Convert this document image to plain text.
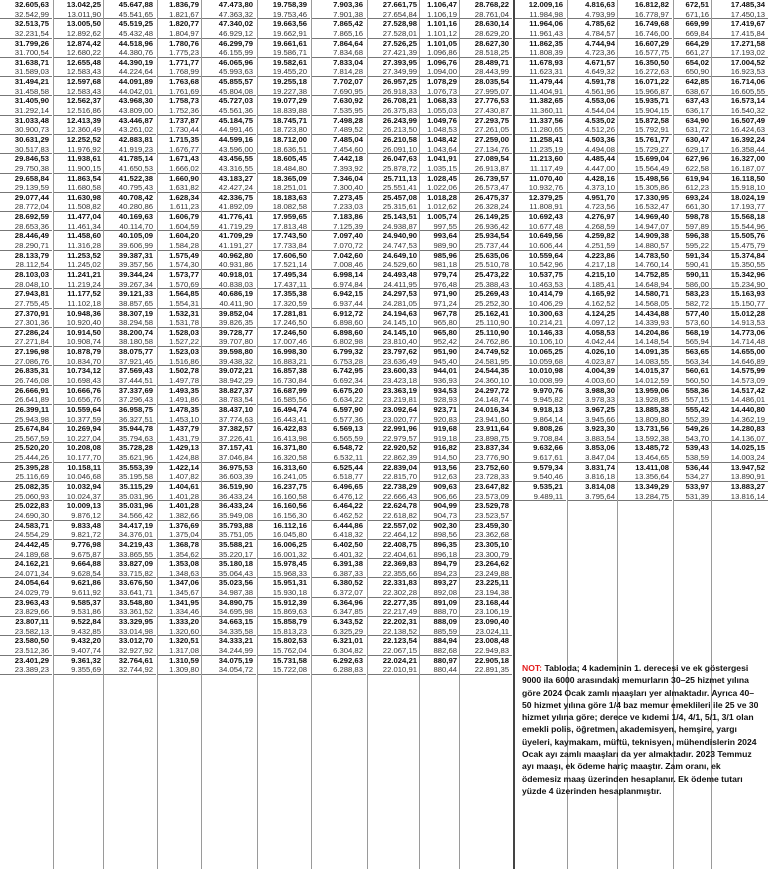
32.605,63
32.542,99
32.513,75
32.231,54
31.799,26
31.700,54
31.638,71
31.589,03
31.494,21
31.458,58
31.405,90
31.292,14
31.033,48
30.900,73
30.631,29
30.517,83
29.846,53
29.750,38
29.658,84
29.139,59
29.077,44
28.772,04
28.692,59
28.653,36
28.446,49
28.290,71
28.133,79
28.112,54
28.103,03
28.048,10
27.943,81
27.755,45
27.370,91
27.301,36
27.286,24
27.271,84
27.196,98
27.086,76
26.835,31
26.746,08
26.666,91
26.641,89
26.399,11
25.943,98
25.674,84
25.567,59
25.520,20
25.444,26
25.395,28
25.116,69
25.082,35
25.060,93
25.022,83
24.690,30
24.583,71
24.554,29
24.442,45
24.189,68
24.162,21
24.071,34
24.054,64
24.029,79
23.963,43
23.829,66
23.807,11
23.582,13
23.580,50
23.512,36
23.401,29
23.389,23
13.042,25
13.011,90
13.005,50
12.892,62
12.874,42
12.680,22
12.655,48
12.583,43
12.597,68
12.583,43
12.562,37
12.516,86
12.413,39
12.360,49
12.252,52
11.976,92
11.938,61
11.900,15
11.863,54
11.680,58
11.630,98
11.508,82
11.477,04
11.461,34
11.458,60
11.316,28
11.253,52
11.245,02
11.241,21
11.219,24
11.177,52
11.102,18
10.948,36
10.920,40
10.914,50
10.908,74
10.878,79
10.834,70
10.734,12
10.698,43
10.666,76
10.656,76
10.559,64
10.377,59
10.269,94
10.227,04
10.208,08
10.177,70
10.158,11
10.046,68
10.032,94
10.024,37
10.009,13
9.876,12
9.833,48
9.821,72
9.776,98
9.675,87
9.664,88
9.628,54
9.621,86
9.611,92
9.585,37
9.531,86
9.522,84
9.432,85
9.432,20
9.407,74
9.361,32
9.355,69
45.647,88
45.541,65
45.519,25
45.432,48
44.518,96
44.380,76
44.390,19
44.224,64
44.091,89
44.042,01
43.968,30
43.809,00
43.446,87
43.261,02
42.883,81
41.919,23
41.785,14
41.650,53
41.522,38
40.795,43
40.708,42
40.280,86
40.169,63
40.114,70
40.105,09
39.606,99
39.387,31
39.357,56
39.344,24
39.267,34
39.121,33
38.857,65
38.307,19
38.294,58
38.200,74
38.180,58
38.075,77
37.921,46
37.569,43
37.444,51
37.337,69
37.296,43
36.958,75
36.327,51
35.944,78
35.794,63
35.728,28
35.621,96
35.553,39
35.195,58
35.115,29
35.031,96
35.031,96
34.566,42
34.417,19
34.376,01
34.219,43
33.865,55
33.827,09
33.715,82
33.676,50
33.641,71
33.548,80
33.361,52
33.329,95
33.014,98
33.012,70
32.927,92
32.764,61
32.744,92
1.836,79
1.821,67
1.820,77
1.804,97
1.780,76
1.775,23
1.771,77
1.768,99
1.763,68
1.761,69
1.758,73
1.752,36
1.737,87
1.730,44
1.715,35
1.676,77
1.671,43
1.666,02
1.660,90
1.631,82
1.628,34
1.611,23
1.606,79
1.604,59
1.604,20
1.584,28
1.575,49
1.574,30
1.573,77
1.570,69
1.564,85
1.554,31
1.532,31
1.531,78
1.528,03
1.527,22
1.523,03
1.516,86
1.502,78
1.497,78
1.493,35
1.491,86
1.478,35
1.453,10
1.437,79
1.431,79
1.429,13
1.424,88
1.422,14
1.407,82
1.404,61
1.401,28
1.401,28
1.382,66
1.376,69
1.375,04
1.368,78
1.354,62
1.353,08
1.348,63
1.347,06
1.345,67
1.341,95
1.334,46
1.333,20
1.320,60
1.320,51
1.317,08
1.310,59
1.309,80
47.473,80
47.363,32
47.340,02
46.929,12
46.299,79
46.155,99
46.065,96
45.993,63
45.855,57
45.804,08
45.727,03
45.561,36
45.184,75
44.991,46
44.599,16
43.596,00
43.456,55
43.316,55
43.183,27
42.427,24
42.336,75
41.892,09
41.776,41
41.719,29
41.709,29
41.191,27
40.962,80
40.931,86
40.918,01
40.838,03
40.686,19
40.411,90
39.852,04
39.826,35
39.728,77
39.707,80
39.598,80
39.438,32
39.072,21
38.942,29
38.827,37
38.783,54
38.437,10
37.774,63
37.382,57
37.226,41
37.157,41
37.046,84
36.975,53
36.603,39
36.519,90
36.433,24
36.433,24
35.949,08
35.793,88
35.751,05
35.588,21
35.220,17
35.180,18
35.064,43
35.023,56
34.987,38
34.890,75
34.695,98
34.663,15
34.335,58
34.333,21
34.244,99
34.075,19
34.054,72
19.758,39
19.753,46
19.663,56
19.662,91
19.661,61
19.586,71
19.582,61
19.455,20
19.255,18
19.227,38
19.077,29
18.839,88
18.745,71
18.723,80
18.712,00
18.636,51
18.605,45
18.484,80
18.365,09
18.251,01
18.183,63
18.082,58
17.959,65
17.813,48
17.743,50
17.733,84
17.606,50
17.521,14
17.495,34
17.437,11
17.355,38
17.320,59
17.281,81
17.246,50
17.246,50
17.007,46
16.998,30
16.883,21
16.857,38
16.730,84
16.687,99
16.585,56
16.494,74
16.443,41
16.422,83
16.413,98
16.371,80
16.320,58
16.313,60
16.241,05
16.237,75
16.160,58
16.160,56
16.156,30
16.112,16
16.045,80
16.006,25
16.001,32
15.978,45
15.968,33
15.951,31
15.930,18
15.912,39
15.869,63
15.858,79
15.813,23
15.802,53
15.762,04
15.731,58
15.722,08
7.903,36
7.901,38
7.865,42
7.865,16
7.864,64
7.834,68
7.833,04
7.814,28
7.702,07
7.690,95
7.630,92
7.535,95
7.498,28
7.489,52
7.485,04
7.454,60
7.442,18
7.393,92
7.346,04
7.300,40
7.273,45
7.233,03
7.183,86
7.125,39
7.097,40
7.070,72
7.042,60
7.008,46
6.998,14
6.974,84
6.942,15
6.937,44
6.912,72
6.898,60
6.898,60
6.802,98
6.799,32
6.753,28
6.742,95
6.692,34
6.675,20
6.634,22
6.597,90
6.577,36
6.569,13
6.565,59
6.548,72
6.532,11
6.525,44
6.518,77
6.496,65
6.476,12
6.464,22
6.462,52
6.444,86
6.418,32
6.402,50
6.401,32
6.391,38
6.387,33
6.380,52
6.372,07
6.364,96
6.347,85
6.343,52
6.325,29
6.321,01
6.304,82
6.292,63
6.288,83
27.661,75
27.654,84
27.528,98
27.528,01
27.526,25
27.421,39
27.393,95
27.349,99
26.957,25
26.918,33
26.708,21
26.375,83
26.243,99
26.213,50
26.210,58
26.091,10
26.047,63
25.878,72
25.711,13
25.551,41
25.457,08
25.315,61
25.143,51
24.938,87
24.940,90
24.747,53
24.649,10
24.529,60
24.493,48
24.411,95
24.297,53
24.281,05
24.194,63
24.145,10
24.145,10
23.810,40
23.797,62
23.636,49
23.600,33
23.423,18
23.363,19
23.219,81
23.092,64
23.020,77
22.991,96
22.979,57
22.920,52
22.862,39
22.839,04
22.815,70
22.738,29
22.666,43
22.624,78
22.618,82
22.557,02
22.464,12
22.408,75
22.404,61
22.369,83
22.355,66
22.331,83
22.302,28
22.277,35
22.217,49
22.202,31
22.138,52
22.123,54
22.067,15
22.024,21
22.010,91
1.106,47
1.106,19
1.101,16
1.101,12
1.101,05
1.096,86
1.096,76
1.094,00
1.078,29
1.076,73
1.068,33
1.055,03
1.049,76
1.048,53
1.048,42
1.043,64
1.041,91
1.035,15
1.028,45
1.022,06
1.018,28
1.012,62
1.005,74
997,55
993,64
989,90
985,96
981,18
979,74
976,48
971,90
971,24
967,78
965,80
965,80
952,42
951,90
945,40
944,01
936,93
934,53
928,93
923,71
920,83
919,68
919,18
916,82
914,50
913,56
912,63
909,63
906,66
904,99
904,73
902,30
898,56
896,35
896,18
894,79
894,23
893,27
892,08
891,09
888,70
888,09
885,59
884,94
882,68
880,97
880,44
28.768,22
28.761,04
28.630,14
28.629,20
28.627,30
28.518,25
28.489,71
28.443,99
28.035,54
27.995,07
27.776,53
27.430,87
27.293,75
27.261,05
27.259,00
27.134,76
27.089,54
26.913,87
26.739,57
26.573,47
26.475,37
26.328,24
26.149,25
26.936,42
25.934,54
25.737,44
25.635,06
25.510,78
25.473,22
25.388,43
25.269,43
25.252,30
25.162,41
25.110,90
25.110,90
24.762,86
24.749,52
24.581,95
24.544,35
24.360,10
24.297,72
24.148,74
24.016,34
23.941,60
23.911,64
23.898,75
23.837,34
23.776,90
23.752,60
23.728,33
23.647,82
23.573,09
23.529,78
23.523,57
23.459,30
23.362,68
23.305,10
23.300,79
23.264,62
23.249,88
23.225,11
23.194,38
23.168,44
23.106,19
23.090,40
23.024,11
23.008,48
22.949,83
22.905,18
22.891,35
12.009,16
11.984,98
11.964,06
11.961,43
11.862,35
11.808,39
11.678,93
11.623,31
11.479,44
11.404,91
11.382,65
11.360,11
11.337,56
11.280,65
11.258,41
11.235,19
11.213,60
11.117,49
11.070,40
10.932,76
12.379,25
11.808,91
10.692,43
10.677,48
10.649,56
10.606,44
10.559,64
10.542,96
10.537,75
10.463,53
10.414,79
10.406,29
10.300,63
10.214,21
10.146,33
10.106,10
10.065,25
10.059,68
10.010,98
10.008,99
9.970,76
9.945,82
9.918,13
9.864,14
9.808,26
9.708,84
9.632,66
9.617,61
9.579,34
9.540,46
9.535,21
9.489,11
4.816,63
4.793,99
4.785,62
4.784,57
4.744,94
4.723,36
4.671,57
4.649,32
4.591,78
4.561,96
4.553,06
4.544,04
4.535,02
4.512,26
4.503,36
4.494,08
4.485,44
4.447,00
4.428,16
4.373,10
4.951,70
4.723,56
4.276,97
4.268,59
4.259,82
4.251,59
4.223,86
4.217,18
4.215,10
4.185,41
4.165,92
4.162,52
4.124,25
4.097,12
4.058,53
4.042,44
4.026,10
4.023,87
4.004,39
4.003,60
3.988,30
3.978,33
3.967,25
3.945,66
3.923,30
3.883,54
3.853,06
3.847,04
3.831,74
3.816,18
3.814,08
3.795,64
16.812,82
16.778,97
16.749,68
16.746,00
16.607,29
16.577,75
16.350,50
16.272,63
16.071,22
15.966,87
15.935,71
15.904,15
15.872,58
15.792,91
15.761,77
15.729,27
15.699,04
15.564,49
15.498,56
15.305,86
17.330,95
16.532,47
14.969,40
14.947,07
14.909,38
14.880,57
14.783,50
14.760,14
14.752,85
14.648,94
14.580,71
14.568,05
14.434,88
14.339,93
14.204,86
14.148,54
14.091,35
14.083,55
14.015,37
14.012,59
13.959,06
13.928,85
13.885,38
13.809,80
13.731,56
13.592,38
13.485,72
13.464,65
13.411,08
13.356,64
13.349,29
13.284,75
672,51
671,16
669,99
669,84
664,29
661,27
654,02
650,90
642,85
638,67
637,43
636,17
634,90
631,72
630,47
629,17
627,96
622,58
619,94
612,23
693,24
661,30
598,78
597,89
596,38
595,22
591,34
590,41
590,11
586,00
583,23
582,72
577,40
573,60
568,19
565,94
563,65
563,34
560,61
560,50
558,36
557,15
555,42
552,39
549,26
543,70
539,43
538,59
536,44
534,27
533,97
531,39
17.485,34
17.450,13
17.419,67
17.415,84
17.271,58
17.193,02
17.004,52
16.923,53
16.714,06
16.605,55
16.573,14
16.540,32
16.507,49
16.424,63
16.392,24
16.358,44
16.327,00
16.187,07
16.118,50
15.918,10
18.024,19
17.193,77
15.568,18
15.544,96
15.505,76
15.475,79
15.374,84
15.350,55
15.342,96
15.234,90
15.163,93
15.150,77
15.012,28
14.913,53
14.773,06
14.714,48
14.655,00
14.646,89
14.575,99
14.573,09
14.517,42
14.486,01
14.440,80
14.362,19
14.280,83
14.136,07
14.025,15
14.003,24
13.947,52
13.890,91
13.883,27
13.816,14
NOT: Tabloda; 4 kademinin 1. derecesi ve ek göstergesi 9000 ila 6000 arasındaki memurların 30–25 hizmet yılına göre 2024 Ocak zamlı maaşları yer almaktadır. Ayrıca 40–50 hizmet yılına göre 1/4 baz memur emeklileri ile 25 ve 30 hizmet yılına göre; derece ve kıdemi 1/4, 4/1, 5/1, 3/1 olan emekli polis, öğretmen, akademisyen, hemşire, yargı üyeleri, kaymakam, müftü, teknisyen, mühendislerin 2024 Ocak ayı zamlı maaşları da yer almaktadır. 2023 Temmuz ayı maaşı, ek ödeme hariç maaştır. Zam oranı, ek ödemesiz maaş üzerinden hesaplanır. Ek ödeme tutarı yüzde 4 üzerinden hesaplanmıştır.
